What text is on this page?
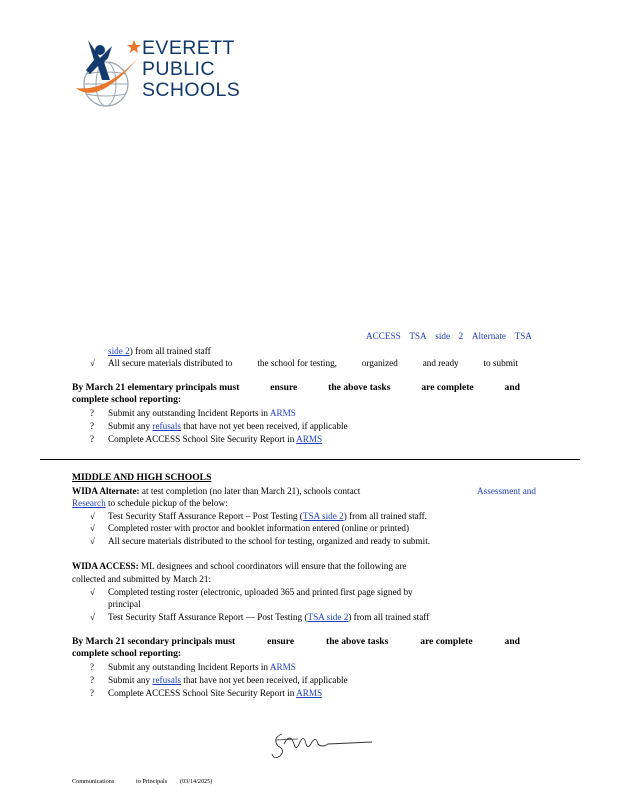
EVERETT
PUBLIC
SCHOOLS
ACCESS TSA side 2 Alternate TSA
side 2) from all trained staff
√ All secure materials distributed to	the school for testing,	organized	and ready	to submit
By March 21 elementary principals must	ensure	the above tasks	are complete	and
complete school reporting:
? Submit any outstanding Incident Reports in ARMS
? Submit any refusals that have not yet been received, if applicable
? Complete ACCESS School Site Security Report in ARMS
MIDDLE AND HIGH SCHOOLS
WIDA Alternate: at test completion (no later than March 21), schools contact	Assessment and
Research to schedule pickup of the below:
√ Test Security Staff Assurance Report – Post Testing (TSA side 2) from all trained staff.
√ Completed roster with proctor and booklet information entered (online or printed)
√ All secure materials distributed to the school for testing, organized and ready to submit.
WIDA ACCESS: ML designees and school coordinators will ensure that the following are
collected and submitted by March 21:
√ Completed testing roster (electronic, uploaded 365 and printed first page signed by
principal
√ Test Security Staff Assurance Report — Post Testing (TSA side 2) from all trained staff
By March 21 secondary principals must	ensure	the above tasks	are complete	and
complete school reporting:
? Submit any outstanding Incident Reports in ARMS
? Submit any refusals that have not yet been received, if applicable
? Complete ACCESS School Site Security Report in ARMS
Communications	to Principals (03/14/2025)
